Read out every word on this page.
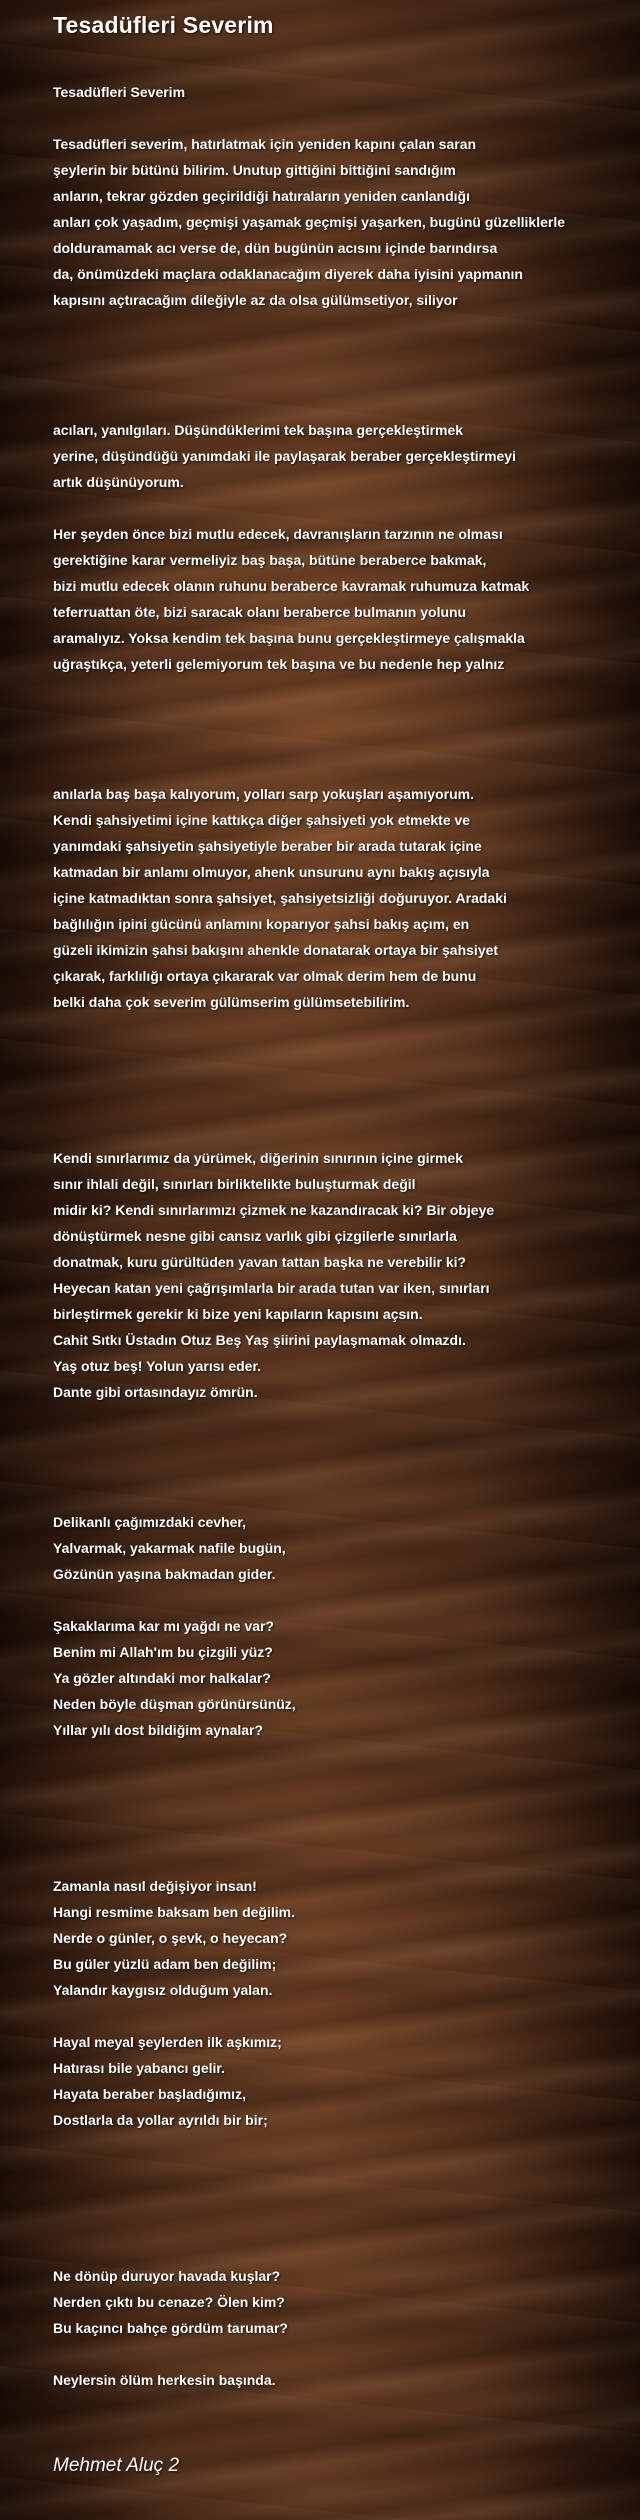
Tesadüfleri Severim
Tesadüfleri Severim
Tesadüfleri severim, hatırlatmak için yeniden kapını çalan saran
şeylerin bir bütünü bilirim. Unutup gittiğini bittiğini sandığım
anların, tekrar gözden geçirildiği hatıraların yeniden canlandığı
anları çok yaşadım, geçmişi yaşamak geçmişi yaşarken, bugünü güzelliklerle
dolduramamak acı verse de, dün bugünün acısını içinde barındırsa
da, önümüzdeki maçlara odaklanacağım diyerek daha iyisini yapmanın
kapısını açtıracağım dileğiyle az da olsa gülümsetiyor, siliyor
acıları, yanılgıları. Düşündüklerimi tek başına gerçekleştirmek
yerine, düşündüğü yanımdaki ile paylaşarak beraber gerçekleştirmeyi
artık düşünüyorum.
Her şeyden önce bizi mutlu edecek, davranışların tarzının ne olması
gerektiğine karar vermeliyiz baş başa, bütüne beraberce bakmak,
bizi mutlu edecek olanın ruhunu beraberce kavramak ruhumuza katmak
teferruattan öte, bizi saracak olanı beraberce bulmanın yolunu
aramalıyız. Yoksa kendim tek başına bunu gerçekleştirmeye çalışmakla
uğraştıkça, yeterli gelemiyorum tek başına ve bu nedenle hep yalnız
anılarla baş başa kalıyorum, yolları sarp yokuşları aşamıyorum.
Kendi şahsiyetimi içine kattıkça diğer şahsiyeti yok etmekte ve
yanımdaki şahsiyetin şahsiyetiyle beraber bir arada tutarak içine
katmadan bir anlamı olmuyor, ahenk unsurunu aynı bakış açısıyla
içine katmadıktan sonra şahsiyet, şahsiyetsizliği doğuruyor. Aradaki
bağlılığın ipini gücünü anlamını koparıyor şahsi bakış açım, en
güzeli ikimizin şahsi bakışını ahenkle donatarak ortaya bir şahsiyet
çıkarak, farklılığı ortaya çıkararak var olmak derim hem de bunu
belki daha çok severim gülümserim gülümsetebilirim.
Kendi sınırlarımız da yürümek, diğerinin sınırının içine girmek
sınır ihlali değil, sınırları birliktelikte buluşturmak değil
midir ki? Kendi sınırlarımızı çizmek ne kazandıracak ki? Bir objeye
dönüştürmek nesne gibi cansız varlık gibi çizgilerle sınırlarla
donatmak, kuru gürültüden yavan tattan başka ne verebilir ki?
Heyecan katan yeni çağrışımlarla bir arada tutan var iken, sınırları
birleştirmek gerekir ki bize yeni kapıların kapısını açsın.
Cahit Sıtkı Üstadın Otuz Beş Yaş şiirini paylaşmamak olmazdı.
Yaş otuz beş! Yolun yarısı eder.
Dante gibi ortasındayız ömrün.
Delikanlı çağımızdaki cevher,
Yalvarmak, yakarmak nafile bugün,
Gözünün yaşına bakmadan gider.
Şakaklarıma kar mı yağdı ne var?
Benim mi Allah'ım bu çizgili yüz?
Ya gözler altındaki mor halkalar?
Neden böyle düşman görünürsünüz,
Yıllar yılı dost bildiğim aynalar?
Zamanla nasıl değişiyor insan!
Hangi resmime baksam ben değilim.
Nerde o günler, o şevk, o heyecan?
Bu güler yüzlü adam ben değilim;
Yalandır kaygısız olduğum yalan.
Hayal meyal şeylerden ilk aşkımız;
Hatırası bile yabancı gelir.
Hayata beraber başladığımız,
Dostlarla da yollar ayrıldı bir bir;
Ne dönüp duruyor havada kuşlar?
Nerden çıktı bu cenaze? Ölen kim?
Bu kaçıncı bahçe gördüm tarumar?
Neylersin ölüm herkesin başında.
Mehmet Aluç 2
